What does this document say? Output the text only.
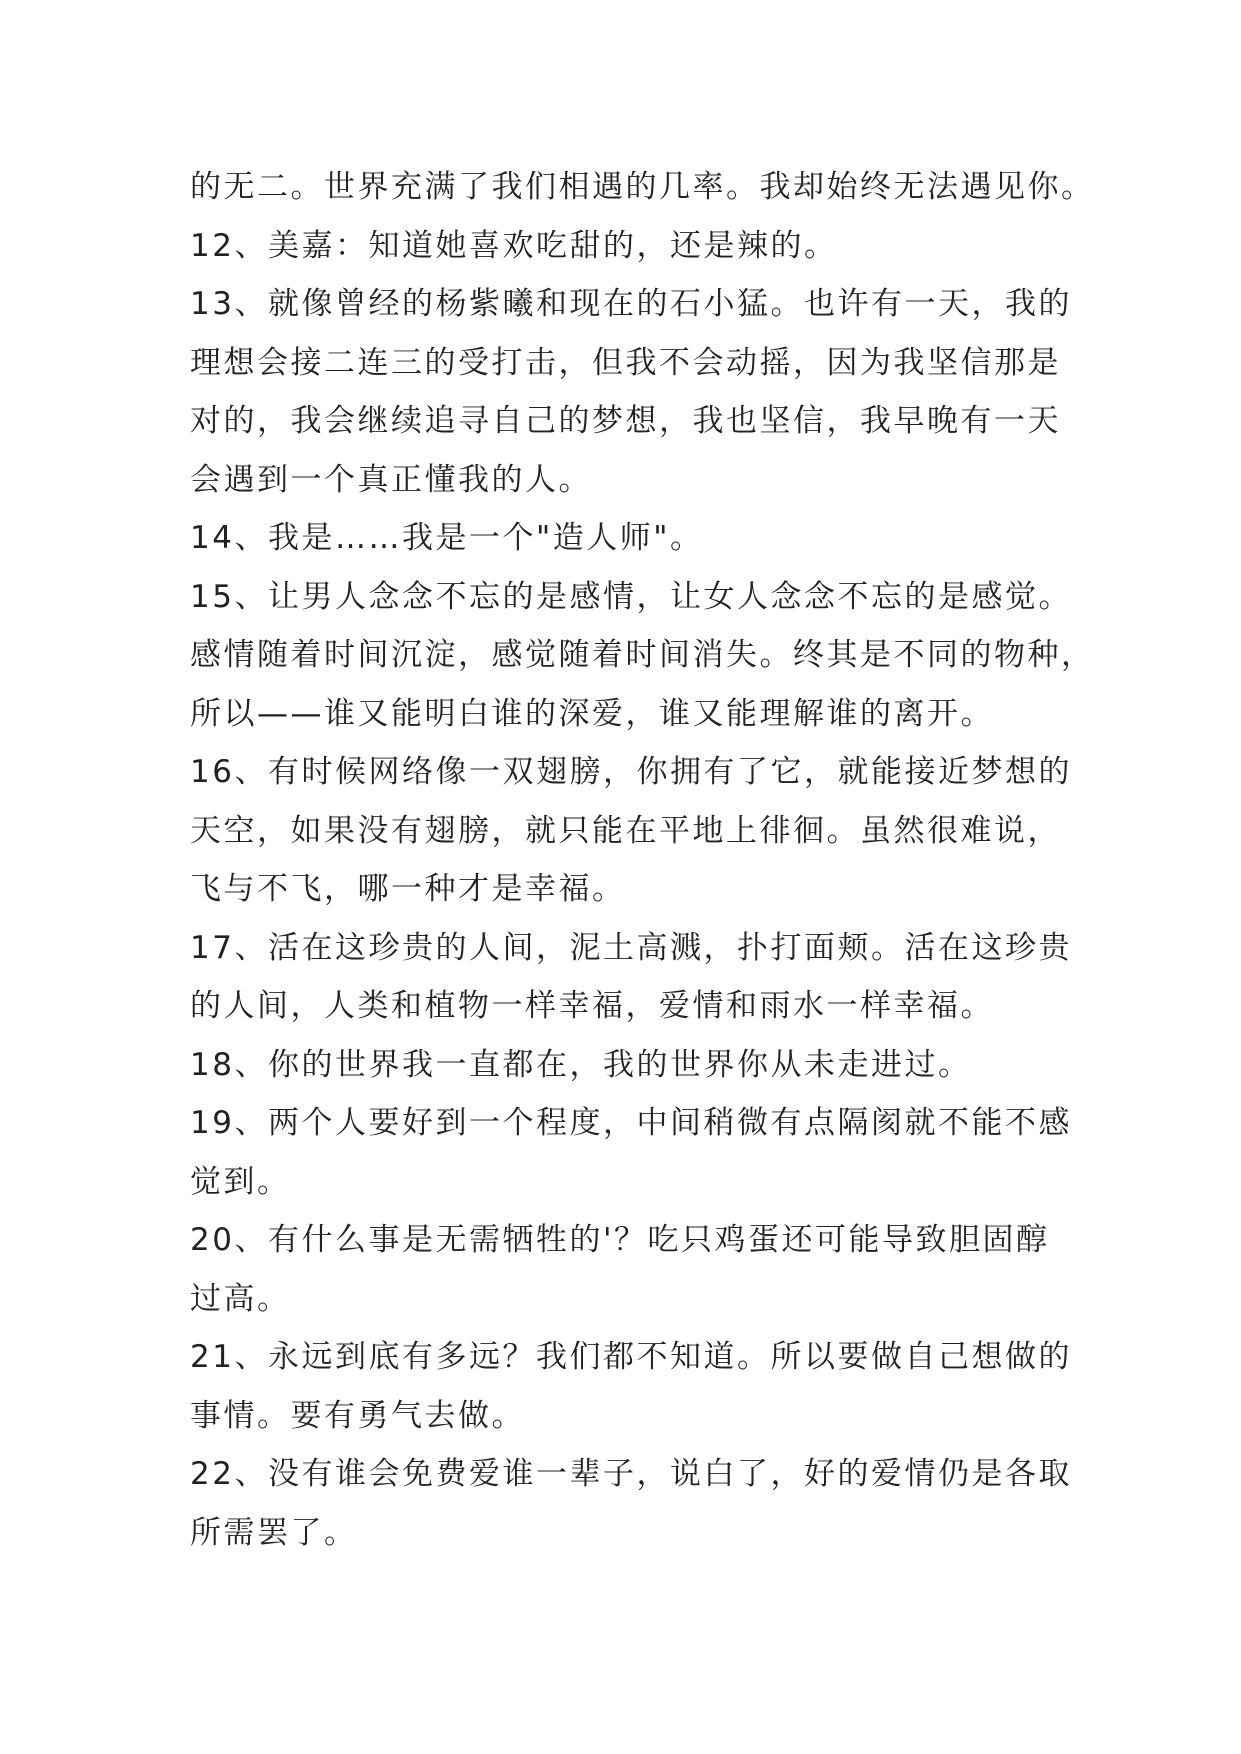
的无二。世界充满了我们相遇的几率。我却始终无法遇见你。
12、美嘉：知道她喜欢吃甜的，还是辣的。
13、就像曾经的杨紫曦和现在的石小猛。也许有一天，我的
理想会接二连三的受打击，但我不会动摇，因为我坚信那是
对的，我会继续追寻自己的梦想，我也坚信，我早晚有一天
会遇到一个真正懂我的人。
14、我是……我是一个"造人师"。
15、让男人念念不忘的是感情，让女人念念不忘的是感觉。
感情随着时间沉淀，感觉随着时间消失。终其是不同的物种，
所以——谁又能明白谁的深爱，谁又能理解谁的离开。
16、有时候网络像一双翅膀，你拥有了它，就能接近梦想的
天空，如果没有翅膀，就只能在平地上徘徊。虽然很难说，
飞与不飞，哪一种才是幸福。
17、活在这珍贵的人间，泥土高溅，扑打面颊。活在这珍贵
的人间，人类和植物一样幸福，爱情和雨水一样幸福。
18、你的世界我一直都在，我的世界你从未走进过。
19、两个人要好到一个程度，中间稍微有点隔阂就不能不感
觉到。
20、有什么事是无需牺牲的'？吃只鸡蛋还可能导致胆固醇
过高。
21、永远到底有多远？我们都不知道。所以要做自己想做的
事情。要有勇气去做。
22、没有谁会免费爱谁一辈子，说白了，好的爱情仍是各取
所需罢了。
